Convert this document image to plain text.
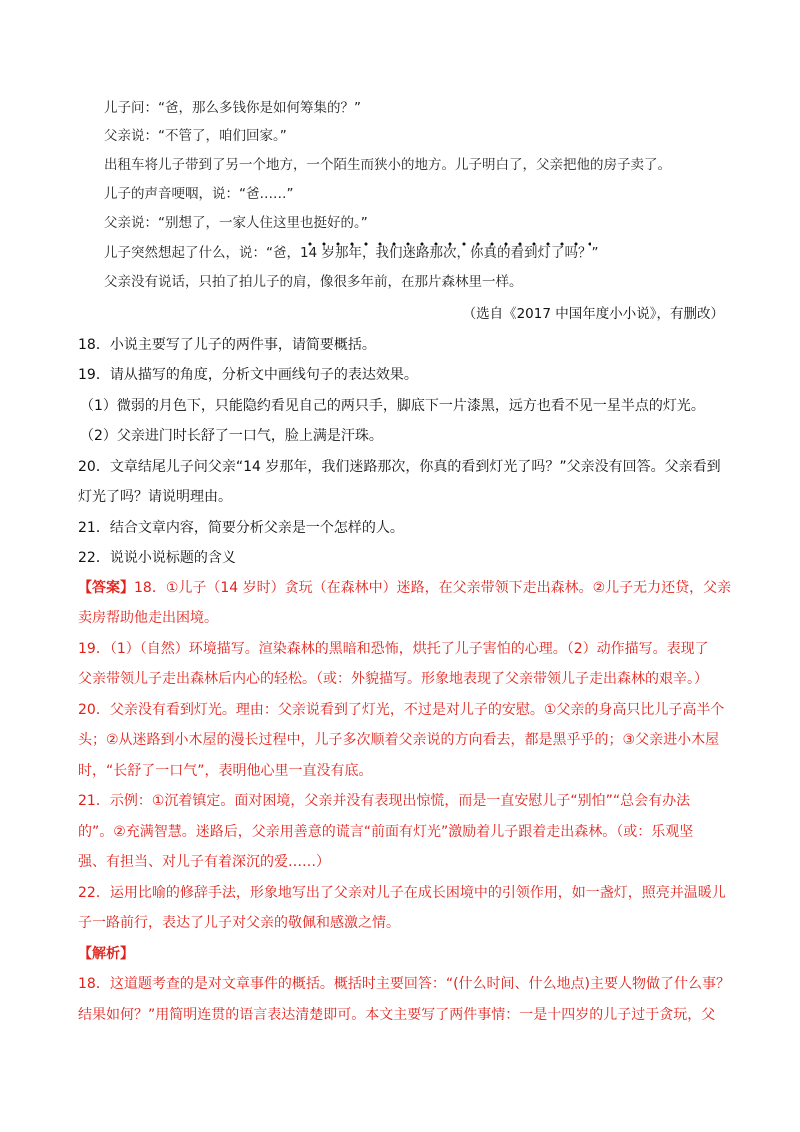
儿子问：“爸，那么多钱你是如何筹集的？”
父亲说：“不管了，咱们回家。”
出租车将儿子带到了另一个地方，一个陌生而狭小的地方。儿子明白了，父亲把他的房子卖了。
儿子的声音哽咽，说：“爸……”
父亲说：“别想了，一家人住这里也挺好的。”
儿子突然想起了什么，说：“爸，14 岁那年，我们迷路那次，你真的看到灯了吗？”
父亲没有说话，只拍了拍儿子的肩，像很多年前，在那片森林里一样。
（选自《2017 中国年度小小说》，有删改）
18．小说主要写了儿子的两件事，请简要概括。
19．请从描写的角度，分析文中画线句子的表达效果。
（1）微弱的月色下，只能隐约看见自己的两只手，脚底下一片漆黑，远方也看不见一星半点的灯光。
（2）父亲进门时长舒了一口气，脸上满是汗珠。
20．文章结尾儿子问父亲“14 岁那年，我们迷路那次，你真的看到灯光了吗？”父亲没有回答。父亲看到
灯光了吗？请说明理由。
21．结合文章内容，简要分析父亲是一个怎样的人。
22．说说小说标题的含义
【答案】18．①儿子（14 岁时）贪玩（在森林中）迷路，在父亲带领下走出森林。②儿子无力还贷，父亲
卖房帮助他走出困境。
19．（1）（自然）环境描写。渲染森林的黑暗和恐怖，烘托了儿子害怕的心理。（2）动作描写。表现了
父亲带领儿子走出森林后内心的轻松。（或：外貌描写。形象地表现了父亲带领儿子走出森林的艰辛。）
20．父亲没有看到灯光。理由：父亲说看到了灯光，不过是对儿子的安慰。①父亲的身高只比儿子高半个
头；②从迷路到小木屋的漫长过程中，儿子多次顺着父亲说的方向看去，都是黑乎乎的；③父亲进小木屋
时，“长舒了一口气”，表明他心里一直没有底。
21．示例：①沉着镇定。面对困境，父亲并没有表现出惊慌，而是一直安慰儿子“别怕”“总会有办法
的”。②充满智慧。迷路后，父亲用善意的谎言“前面有灯光”激励着儿子跟着走出森林。（或：乐观坚
强、有担当、对儿子有着深沉的爱……）
22．运用比喻的修辞手法，形象地写出了父亲对儿子在成长困境中的引领作用，如一盏灯，照亮并温暖儿
子一路前行，表达了儿子对父亲的敬佩和感激之情。
【解析】
18．这道题考查的是对文章事件的概括。概括时主要回答：“(什么时间、什么地点)主要人物做了什么事？
结果如何？”用简明连贯的语言表达清楚即可。本文主要写了两件事情：一是十四岁的儿子过于贪玩，父
